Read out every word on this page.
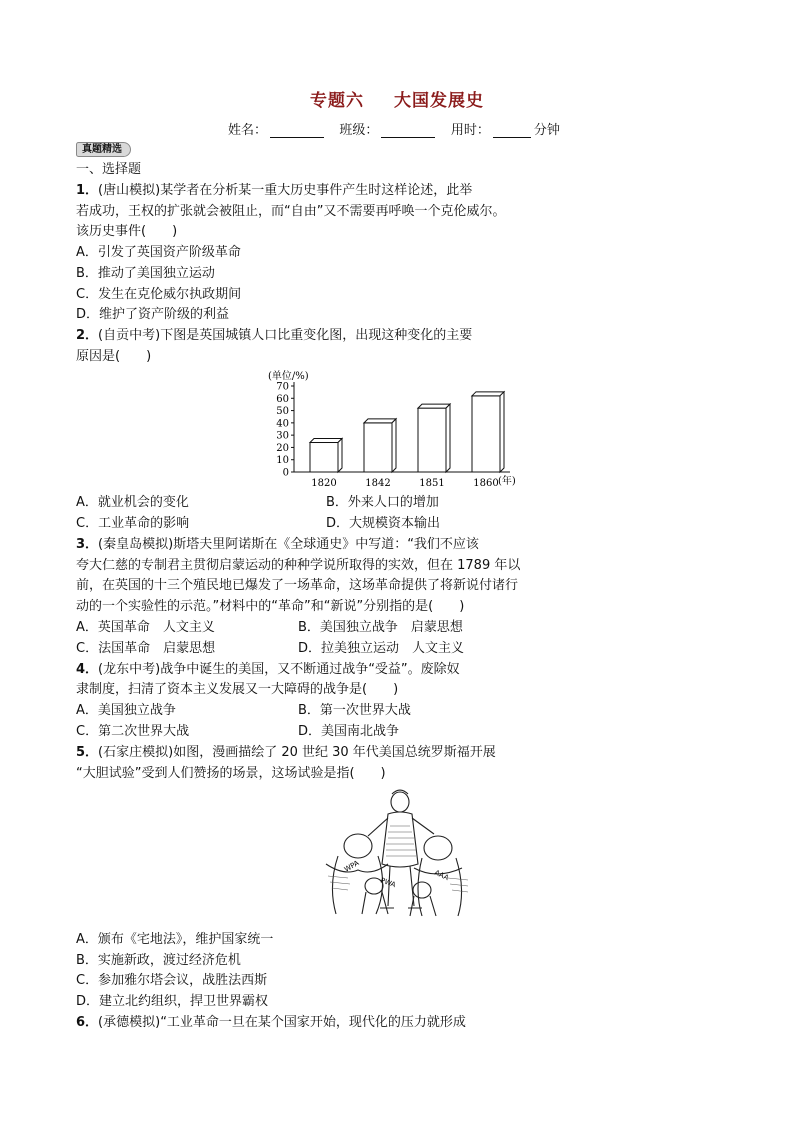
专题六 大国发展史
姓名：	班级：	用时：	分钟
真题精选
一、选择题
1．(唐山模拟)某学者在分析某一重大历史事件产生时这样论述，此举
若成功，王权的扩张就会被阻止，而“自由”又不需要再呼唤一个克伦威尔。
该历史事件(　　)
A．引发了英国资产阶级革命
B．推动了美国独立运动
C．发生在克伦威尔执政期间
D．维护了资产阶级的利益
2．(自贡中考)下图是英国城镇人口比重变化图，出现这种变化的主要
原因是(　　)
(单位/%)
0
10
20
30
40
50
60
70
1820	1842	1851	1860 (年)
A．就业机会的变化	B．外来人口的增加
C．工业革命的影响	D．大规模资本输出
3．(秦皇岛模拟)斯塔夫里阿诺斯在《全球通史》中写道：“我们不应该
夸大仁慈的专制君主贯彻启蒙运动的种种学说所取得的实效，但在 1789 年以
前，在英国的十三个殖民地已爆发了一场革命，这场革命提供了将新说付诸行
动的一个实验性的示范。”材料中的“革命”和“新说”分别指的是(　　)
A．英国革命　人文主义	B．美国独立战争　启蒙思想
C．法国革命　启蒙思想	D．拉美独立运动　人文主义
4．(龙东中考)战争中诞生的美国，又不断通过战争“受益”。废除奴
隶制度，扫清了资本主义发展又一大障碍的战争是(　　)
A．美国独立战争	B．第一次世界大战
C．第二次世界大战	D．美国南北战争
5．(石家庄模拟)如图，漫画描绘了 20 世纪 30 年代美国总统罗斯福开展
“大胆试验”受到人们赞扬的场景，这场试验是指(　　)
WPA
PWA
AAA
A．颁布《宅地法》，维护国家统一
B．实施新政，渡过经济危机
C．参加雅尔塔会议，战胜法西斯
D．建立北约组织，捍卫世界霸权
6．(承德模拟)“工业革命一旦在某个国家开始，现代化的压力就形成
